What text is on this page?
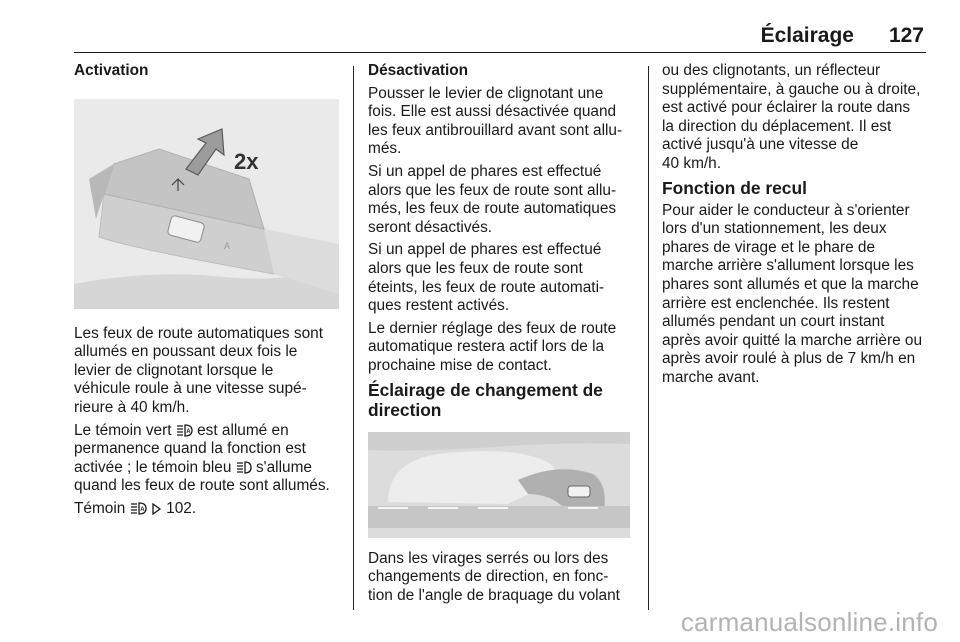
Éclairage 127

Activation

A
2x

Les feux de route automatiques sont
allumés en poussant deux fois le
levier de clignotant lorsque le
véhicule roule à une vitesse supé-
rieure à 40 km/h.

Le témoin vert A est allumé en
permanence quand la fonction est
activée ; le témoin bleu  s'allume
quand les feux de route sont allumés.

Témoin A 102.

Désactivation

Pousser le levier de clignotant une
fois. Elle est aussi désactivée quand
les feux antibrouillard avant sont allu-
més.

Si un appel de phares est effectué
alors que les feux de route sont allu-
més, les feux de route automatiques
seront désactivés.

Si un appel de phares est effectué
alors que les feux de route sont
éteints, les feux de route automati-
ques restent activés.

Le dernier réglage des feux de route
automatique restera actif lors de la
prochaine mise de contact.

Éclairage de changement de
direction

Dans les virages serrés ou lors des
changements de direction, en fonc-
tion de l'angle de braquage du volant

ou des clignotants, un réflecteur
supplémentaire, à gauche ou à droite,
est activé pour éclairer la route dans
la direction du déplacement. Il est
activé jusqu'à une vitesse de
40 km/h.

Fonction de recul

Pour aider le conducteur à s'orienter
lors d'un stationnement, les deux
phares de virage et le phare de
marche arrière s'allument lorsque les
phares sont allumés et que la marche
arrière est enclenchée. Ils restent
allumés pendant un court instant
après avoir quitté la marche arrière ou
après avoir roulé à plus de 7 km/h en
marche avant.

carmanualsonline.info
